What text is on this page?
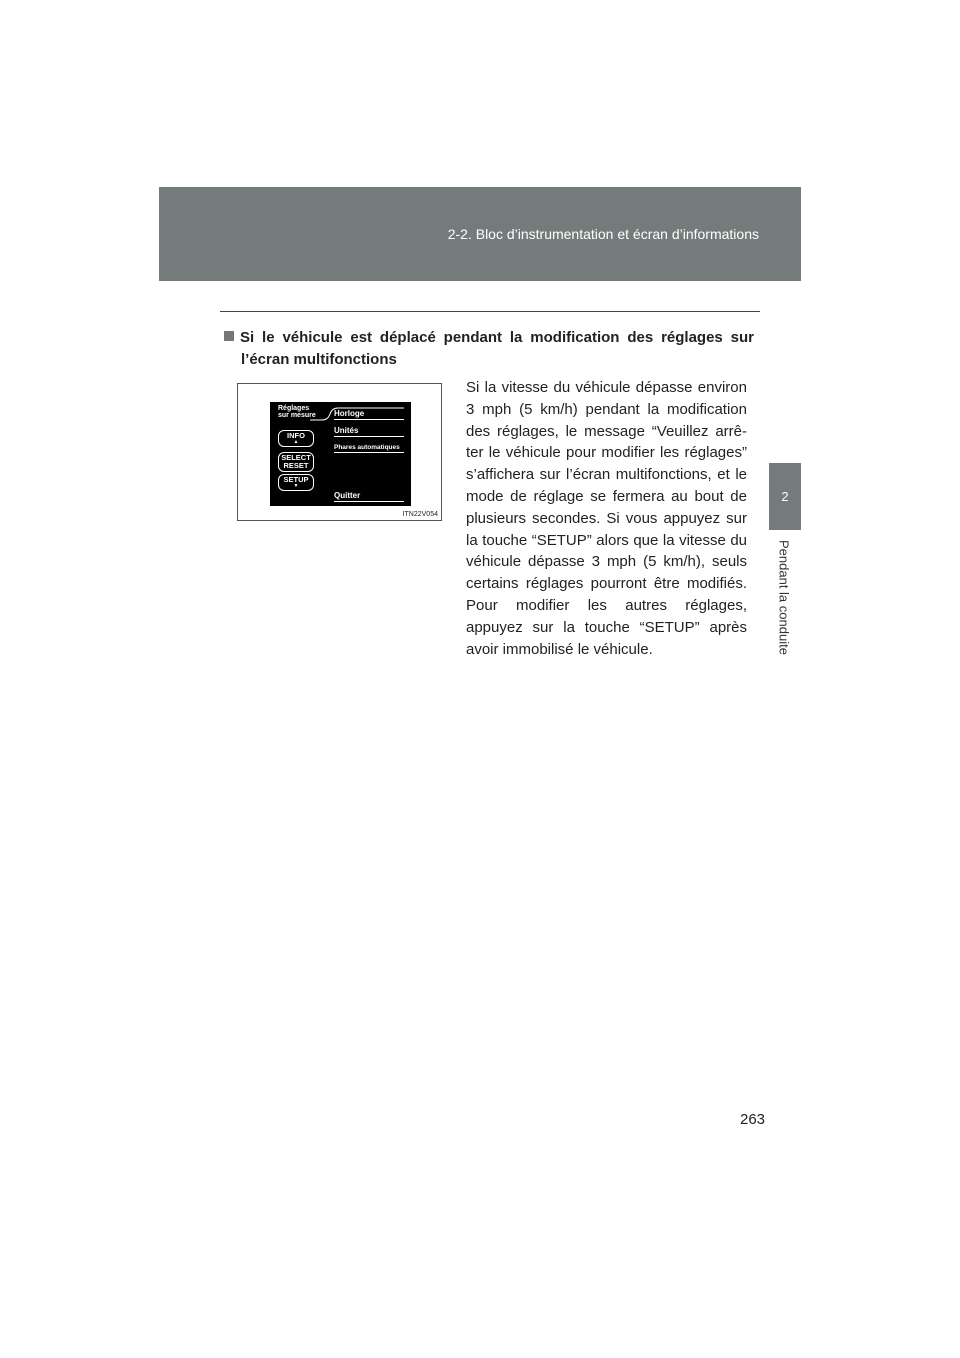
2-2. Bloc d’instrumentation et écran d’informations
2
Pendant la conduite
Si le véhicule est déplacé pendant la modification des réglages sur
l’écran multifonctions
Réglages
sur mesure Horloge
Unités
Phares automatiques
Quitter
INFO
▲
SELECT
RESET
SETUP
▼
ITN22V054
Si la vitesse du véhicule dépasse environ 3 mph (5 km/h) pendant la modification des réglages, le message “Veuillez arrê-ter le véhicule pour modifier les réglages” s’affichera sur l’écran multifonctions, et le mode de réglage se fermera au bout de plusieurs secondes. Si vous appuyez sur la touche “SETUP” alors que la vitesse du véhicule dépasse 3 mph (5 km/h), seuls certains réglages pourront être modifiés. Pour modifier les autres réglages, appuyez sur la touche “SETUP” après avoir immobilisé le véhicule.
263
